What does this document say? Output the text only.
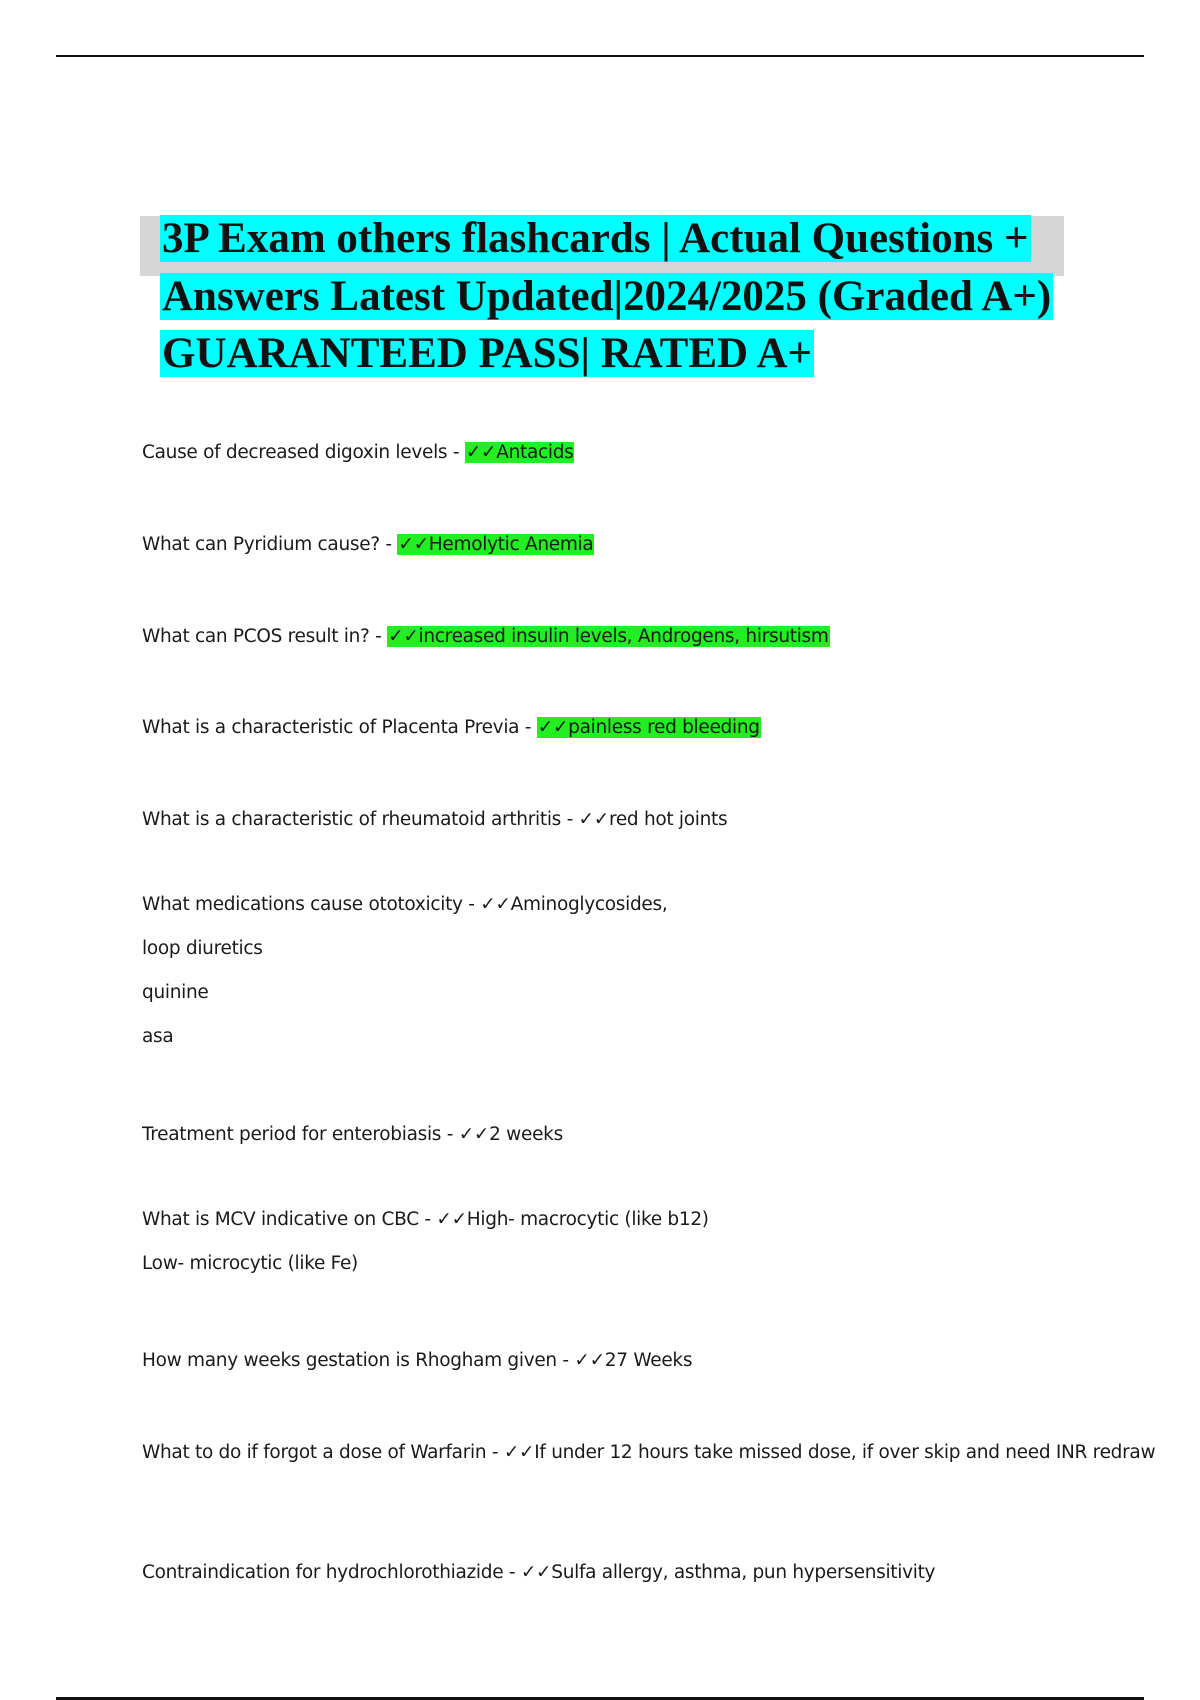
3P Exam others flashcards | Actual Questions + Answers Latest Updated|2024/2025 (Graded A+) GUARANTEED PASS| RATED A+
Cause of decreased digoxin levels - ✓✓Antacids
What can Pyridium cause? - ✓✓Hemolytic Anemia
What can PCOS result in? - ✓✓increased insulin levels, Androgens, hirsutism
What is a characteristic of Placenta Previa - ✓✓painless red bleeding
What is a characteristic of rheumatoid arthritis - ✓✓red hot joints
What medications cause ototoxicity - ✓✓Aminoglycosides,
loop diuretics
quinine
asa
Treatment period for enterobiasis - ✓✓2 weeks
What is MCV indicative on CBC - ✓✓High- macrocytic (like b12)
Low- microcytic (like Fe)
How many weeks gestation is Rhogham given - ✓✓27 Weeks
What to do if forgot a dose of Warfarin - ✓✓If under 12 hours take missed dose, if over skip and need INR redraw
Contraindication for hydrochlorothiazide - ✓✓Sulfa allergy, asthma, pun hypersensitivity
